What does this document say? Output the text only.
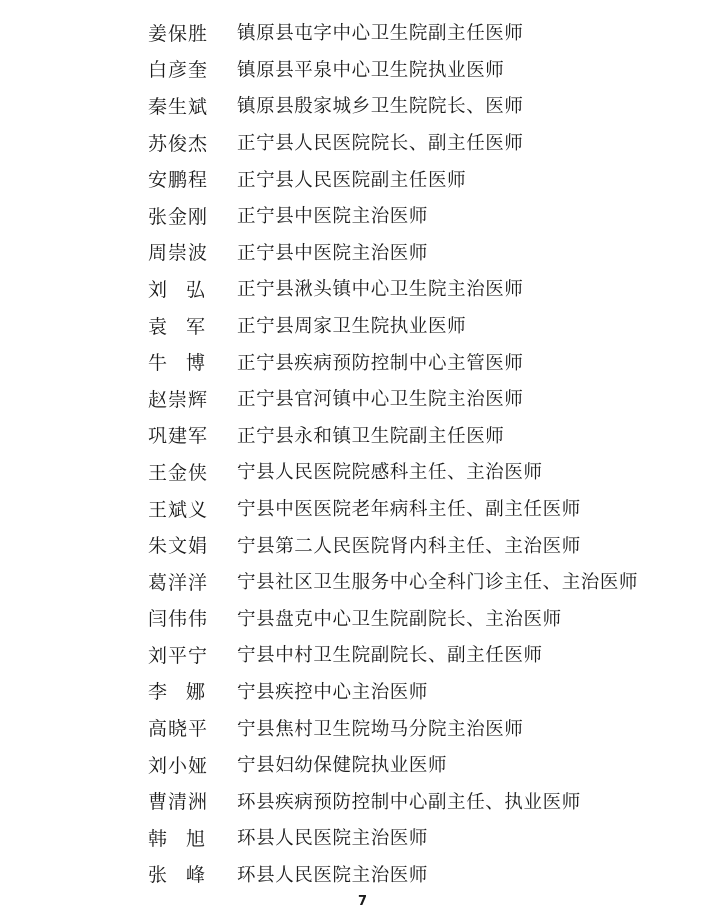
姜保胜	镇原县屯字中心卫生院副主任医师
白彦奎	镇原县平泉中心卫生院执业医师
秦生斌	镇原县殷家城乡卫生院院长、医师
苏俊杰	正宁县人民医院院长、副主任医师
安鹏程	正宁县人民医院副主任医师
张金刚	正宁县中医院主治医师
周崇波	正宁县中医院主治医师
刘　弘	正宁县湫头镇中心卫生院主治医师
袁　军	正宁县周家卫生院执业医师
牛　博	正宁县疾病预防控制中心主管医师
赵崇辉	正宁县官河镇中心卫生院主治医师
巩建军	正宁县永和镇卫生院副主任医师
王金侠	宁县人民医院院感科主任、主治医师
王斌义	宁县中医医院老年病科主任、副主任医师
朱文娟	宁县第二人民医院肾内科主任、主治医师
葛洋洋	宁县社区卫生服务中心全科门诊主任、主治医师
闫伟伟	宁县盘克中心卫生院副院长、主治医师
刘平宁	宁县中村卫生院副院长、副主任医师
李　娜	宁县疾控中心主治医师
高晓平	宁县焦村卫生院坳马分院主治医师
刘小娅	宁县妇幼保健院执业医师
曹清洲	环县疾病预防控制中心副主任、执业医师
韩　旭	环县人民医院主治医师
张　峰	环县人民医院主治医师
7
